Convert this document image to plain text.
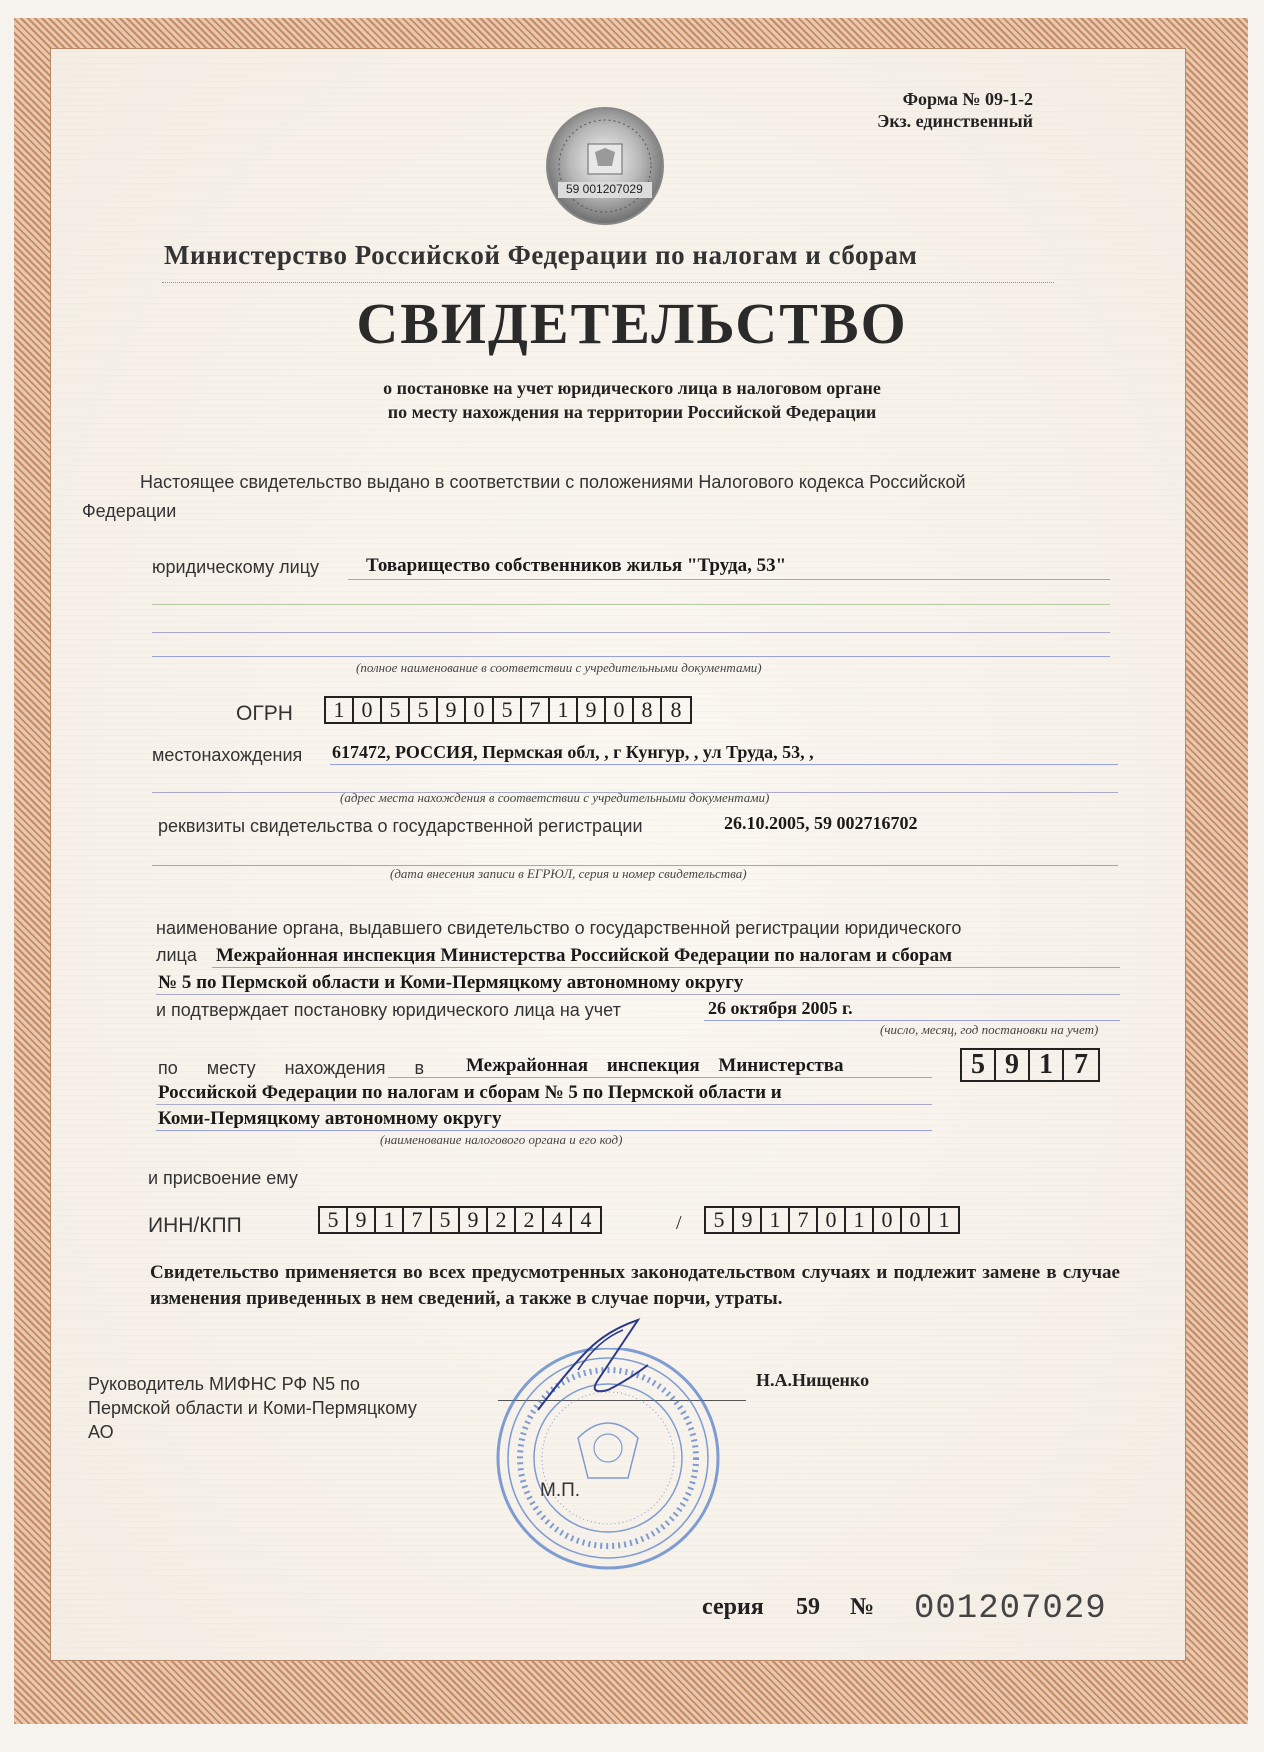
Форма № 09-1-2
Экз. единственный
59 001207029
Министерство Российской Федерации по налогам и сборам
СВИДЕТЕЛЬСТВО
о постановке на учет юридического лица в налоговом органе
по месту нахождения на территории Российской Федерации
Настоящее свидетельство выдано в соответствии с положениями Налогового кодекса Российской
Федерации
юридическому лицу Товарищество собственников жилья "Труда, 53"
(полное наименование в соответствии с учредительными документами)
ОГРН	1 0 5 5 9 0 5 7 1 9 0 8 8
местонахождения 617472, РОССИЯ, Пермская обл, , г Кунгур, , ул Труда, 53, ,
(адрес места нахождения в соответствии с учредительными документами)
реквизиты свидетельства о государственной регистрации	26.10.2005, 59 002716702
(дата внесения записи в ЕГРЮЛ, серия и номер свидетельства)
наименование органа, выдавшего свидетельство о государственной регистрации юридического
лица Межрайонная инспекция Министерства Российской Федерации по налогам и сборам
№ 5 по Пермской области и Коми-Пермяцкому автономному округу
и подтверждает постановку юридического лица на учет	26 октября 2005 г.
(число, месяц, год постановки на учет)
по месту нахождения в Межрайонная инспекция Министерства
Российской Федерации по налогам и сборам № 5 по Пермской области и
Коми-Пермяцкому автономному округу
(наименование налогового органа и его код)
5 9 1 7
и присвоение ему
ИНН/КПП	5 9 1 7 5 9 2 2 4 4	/	5 9 1 7 0 1 0 0 1
Свидетельство применяется во всех предусмотренных законодательством случаях и подлежит замене в случае изменения приведенных в нем сведений, а также в случае порчи, утраты.
Руководитель МИФНС РФ N5 по
Пермской области и Коми-Пермяцкому
АО
Н.А.Нищенко
М.П.
серия 59 № 001207029
